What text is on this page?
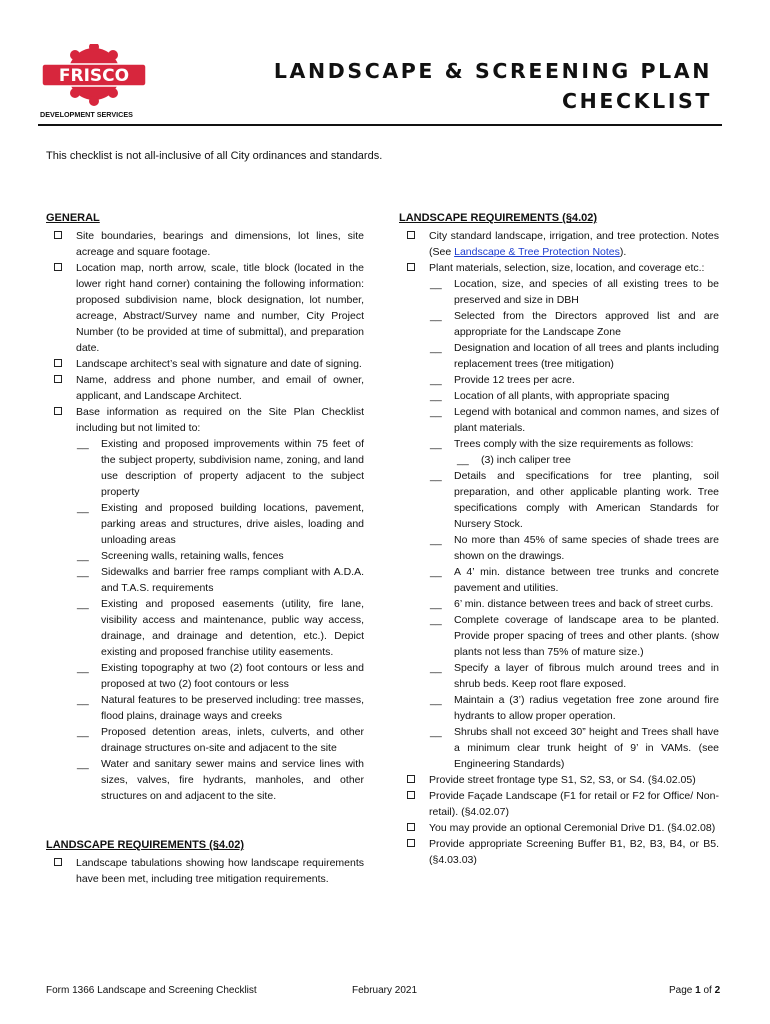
FRISCO
DEVELOPMENT SERVICES
LANDSCAPE & SCREENING PLAN
CHECKLIST
This checklist is not all-inclusive of all City ordinances and standards.
GENERAL
Site boundaries, bearings and dimensions, lot lines, site acreage and square footage.
Location map, north arrow, scale, title block (located in the lower right hand corner) containing the following information: proposed subdivision name, block designation, lot number, acreage, Abstract/Survey name and number, City Project Number (to be provided at time of submittal), and preparation date.
Landscape architect’s seal with signature and date of signing.
Name, address and phone number, and email of owner, applicant, and Landscape Architect.
Base information as required on the Site Plan Checklist including but not limited to:
__ Existing and proposed improvements within 75 feet of the subject property, subdivision name, zoning, and land use description of property adjacent to the subject property
__ Existing and proposed building locations, pavement, parking areas and structures, drive aisles, loading and unloading areas
__ Screening walls, retaining walls, fences
__ Sidewalks and barrier free ramps compliant with A.D.A. and T.A.S. requirements
__ Existing and proposed easements (utility, fire lane, visibility access and maintenance, public way access, drainage, and drainage and detention, etc.). Depict existing and proposed franchise utility easements.
__ Existing topography at two (2) foot contours or less and proposed at two (2) foot contours or less
__ Natural features to be preserved including: tree masses, flood plains, drainage ways and creeks
__ Proposed detention areas, inlets, culverts, and other drainage structures on-site and adjacent to the site
__ Water and sanitary sewer mains and service lines with sizes, valves, fire hydrants, manholes, and other structures on and adjacent to the site.
LANDSCAPE REQUIREMENTS (§4.02)
Landscape tabulations showing how landscape requirements have been met, including tree mitigation requirements.
LANDSCAPE REQUIREMENTS (§4.02)
City standard landscape, irrigation, and tree protection. Notes (See Landscape & Tree Protection Notes).
Plant materials, selection, size, location, and coverage etc.:
__ Location, size, and species of all existing trees to be preserved and size in DBH
__ Selected from the Directors approved list and are appropriate for the Landscape Zone
__ Designation and location of all trees and plants including replacement trees (tree mitigation)
__ Provide 12 trees per acre.
__ Location of all plants, with appropriate spacing
__ Legend with botanical and common names, and sizes of plant materials.
__ Trees comply with the size requirements as follows:
__ (3) inch caliper tree
__ Details and specifications for tree planting, soil preparation, and other applicable planting work. Tree specifications comply with American Standards for Nursery Stock.
__ No more than 45% of same species of shade trees are shown on the drawings.
__ A 4’ min. distance between tree trunks and concrete pavement and utilities.
__ 6’ min. distance between trees and back of street curbs.
__ Complete coverage of landscape area to be planted. Provide proper spacing of trees and other plants. (show plants not less than 75% of mature size.)
__ Specify a layer of fibrous mulch around trees and in shrub beds. Keep root flare exposed.
__ Maintain a (3’) radius vegetation free zone around fire hydrants to allow proper operation.
__ Shrubs shall not exceed 30” height and Trees shall have a minimum clear trunk height of 9’ in VAMs. (see Engineering Standards)
Provide street frontage type S1, S2, S3, or S4. (§4.02.05)
Provide Façade Landscape (F1 for retail or F2 for Office/ Non-retail). (§4.02.07)
You may provide an optional Ceremonial Drive D1. (§4.02.08)
Provide appropriate Screening Buffer B1, B2, B3, B4, or B5. (§4.03.03)
Form 1366 Landscape and Screening Checklist	February 2021	Page 1 of 2
